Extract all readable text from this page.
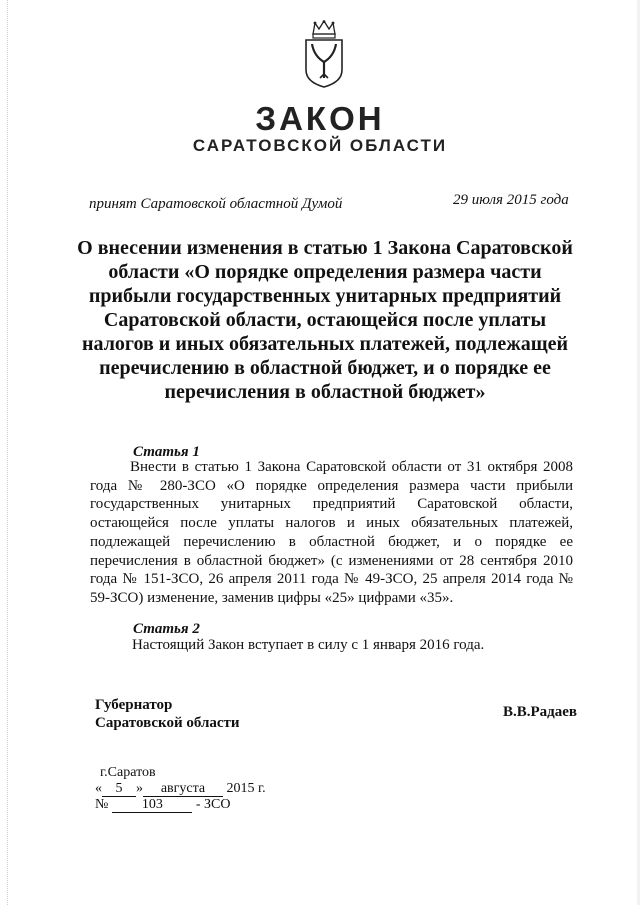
ЗАКОН
САРАТОВСКОЙ ОБЛАСТИ
принят Саратовской областной Думой	29 июля 2015 года
О внесении изменения в статью 1 Закона Саратовской области «О порядке определения размера части прибыли государственных унитарных предприятий Саратовской области, остающейся после уплаты налогов и иных обязательных платежей, подлежащей перечислению в областной бюджет, и о порядке ее перечисления в областной бюджет»
Статья 1
Внести в статью 1 Закона Саратовской области от 31 октября 2008 года № 280-ЗСО «О порядке определения размера части прибыли государственных унитарных предприятий Саратовской области, остающейся после уплаты налогов и иных обязательных платежей, подлежащей перечислению в областной бюджет, и о порядке ее перечисления в областной бюджет» (с изменениями от 28 сентября 2010 года № 151-ЗСО, 26 апреля 2011 года № 49-ЗСО, 25 апреля 2014 года № 59-ЗСО) изменение, заменив цифры «25» цифрами «35».
Статья 2
Настоящий Закон вступает в силу с 1 января 2016 года.
Губернатор
Саратовской области
В.В.Радаев
г.Саратов
« 5 » августа 2015 г.
№ 103 - ЗСО
